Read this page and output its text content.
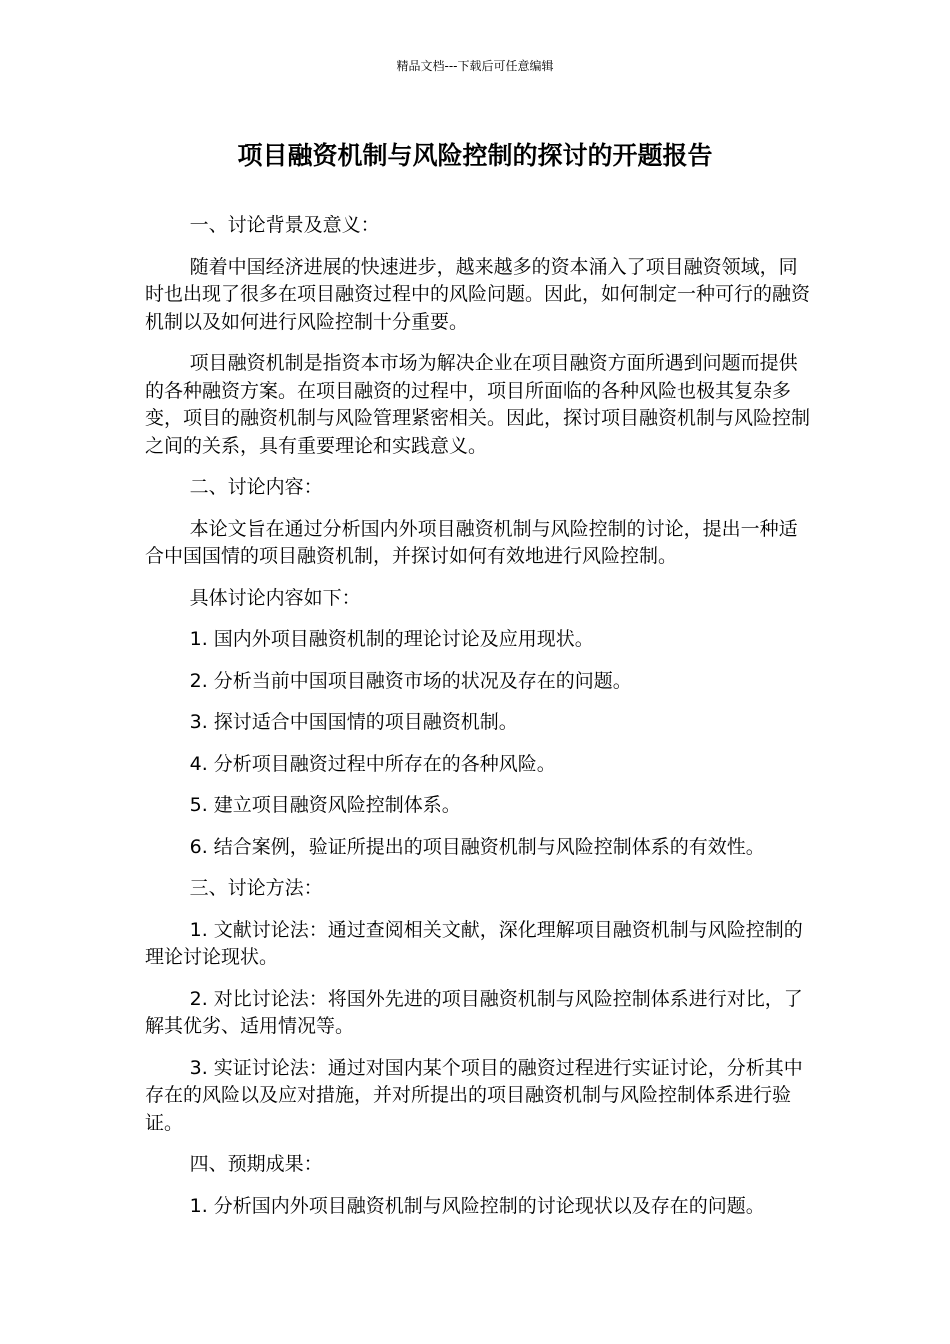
精品文档---下载后可任意编辑
项目融资机制与风险控制的探讨的开题报告

一、讨论背景及意义：

随着中国经济进展的快速进步，越来越多的资本涌入了项目融资领域，同时也出现了很多在项目融资过程中的风险问题。因此，如何制定一种可行的融资机制以及如何进行风险控制十分重要。

项目融资机制是指资本市场为解决企业在项目融资方面所遇到问题而提供的各种融资方案。在项目融资的过程中，项目所面临的各种风险也极其复杂多变，项目的融资机制与风险管理紧密相关。因此，探讨项目融资机制与风险控制之间的关系，具有重要理论和实践意义。

二、讨论内容：

本论文旨在通过分析国内外项目融资机制与风险控制的讨论，提出一种适合中国国情的项目融资机制，并探讨如何有效地进行风险控制。

具体讨论内容如下：

1. 国内外项目融资机制的理论讨论及应用现状。

2. 分析当前中国项目融资市场的状况及存在的问题。

3. 探讨适合中国国情的项目融资机制。

4. 分析项目融资过程中所存在的各种风险。

5. 建立项目融资风险控制体系。

6. 结合案例，验证所提出的项目融资机制与风险控制体系的有效性。

三、讨论方法：

1. 文献讨论法：通过查阅相关文献，深化理解项目融资机制与风险控制的理论讨论现状。

2. 对比讨论法：将国外先进的项目融资机制与风险控制体系进行对比，了解其优劣、适用情况等。

3. 实证讨论法：通过对国内某个项目的融资过程进行实证讨论，分析其中存在的风险以及应对措施，并对所提出的项目融资机制与风险控制体系进行验证。

四、预期成果：

1. 分析国内外项目融资机制与风险控制的讨论现状以及存在的问题。
